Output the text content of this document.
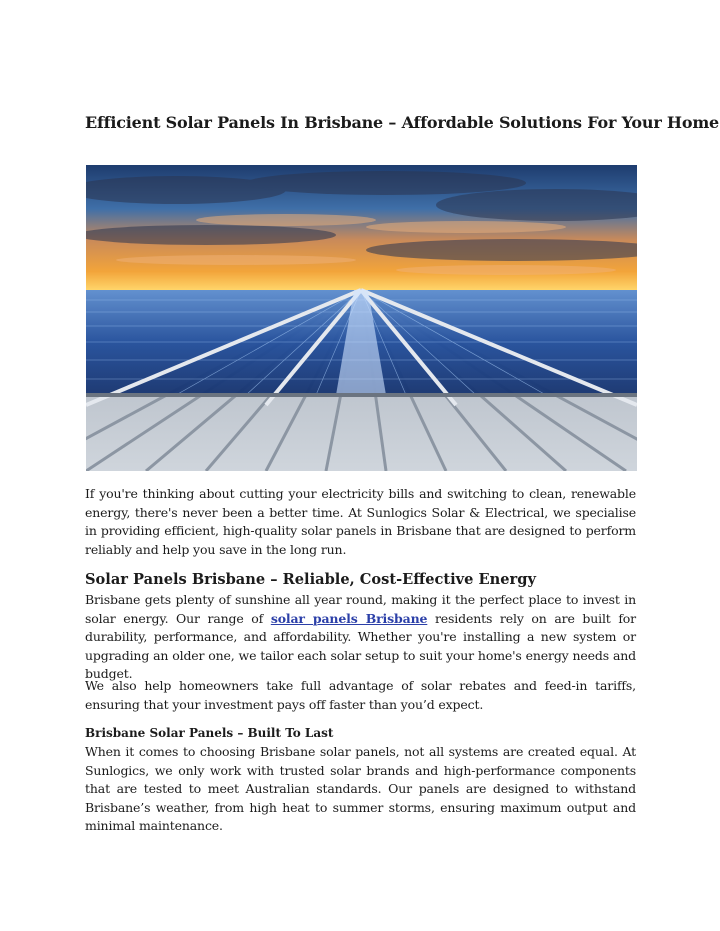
Efficient Solar Panels In Brisbane – Affordable Solutions For Your Home

If you're thinking about cutting your electricity bills and switching to clean, renewable energy, there's never been a better time. At Sunlogics Solar & Electrical, we specialise in providing efficient, high-quality solar panels in Brisbane that are designed to perform reliably and help you save in the long run.

Solar Panels Brisbane – Reliable, Cost-Effective Energy

Brisbane gets plenty of sunshine all year round, making it the perfect place to invest in solar energy. Our range of solar panels Brisbane residents rely on are built for durability, performance, and affordability. Whether you're installing a new system or upgrading an older one, we tailor each solar setup to suit your home's energy needs and budget.

We also help homeowners take full advantage of solar rebates and feed-in tariffs, ensuring that your investment pays off faster than you’d expect.

Brisbane Solar Panels – Built To Last

When it comes to choosing Brisbane solar panels, not all systems are created equal. At Sunlogics, we only work with trusted solar brands and high-performance components that are tested to meet Australian standards. Our panels are designed to withstand Brisbane’s weather, from high heat to summer storms, ensuring maximum output and minimal maintenance.
